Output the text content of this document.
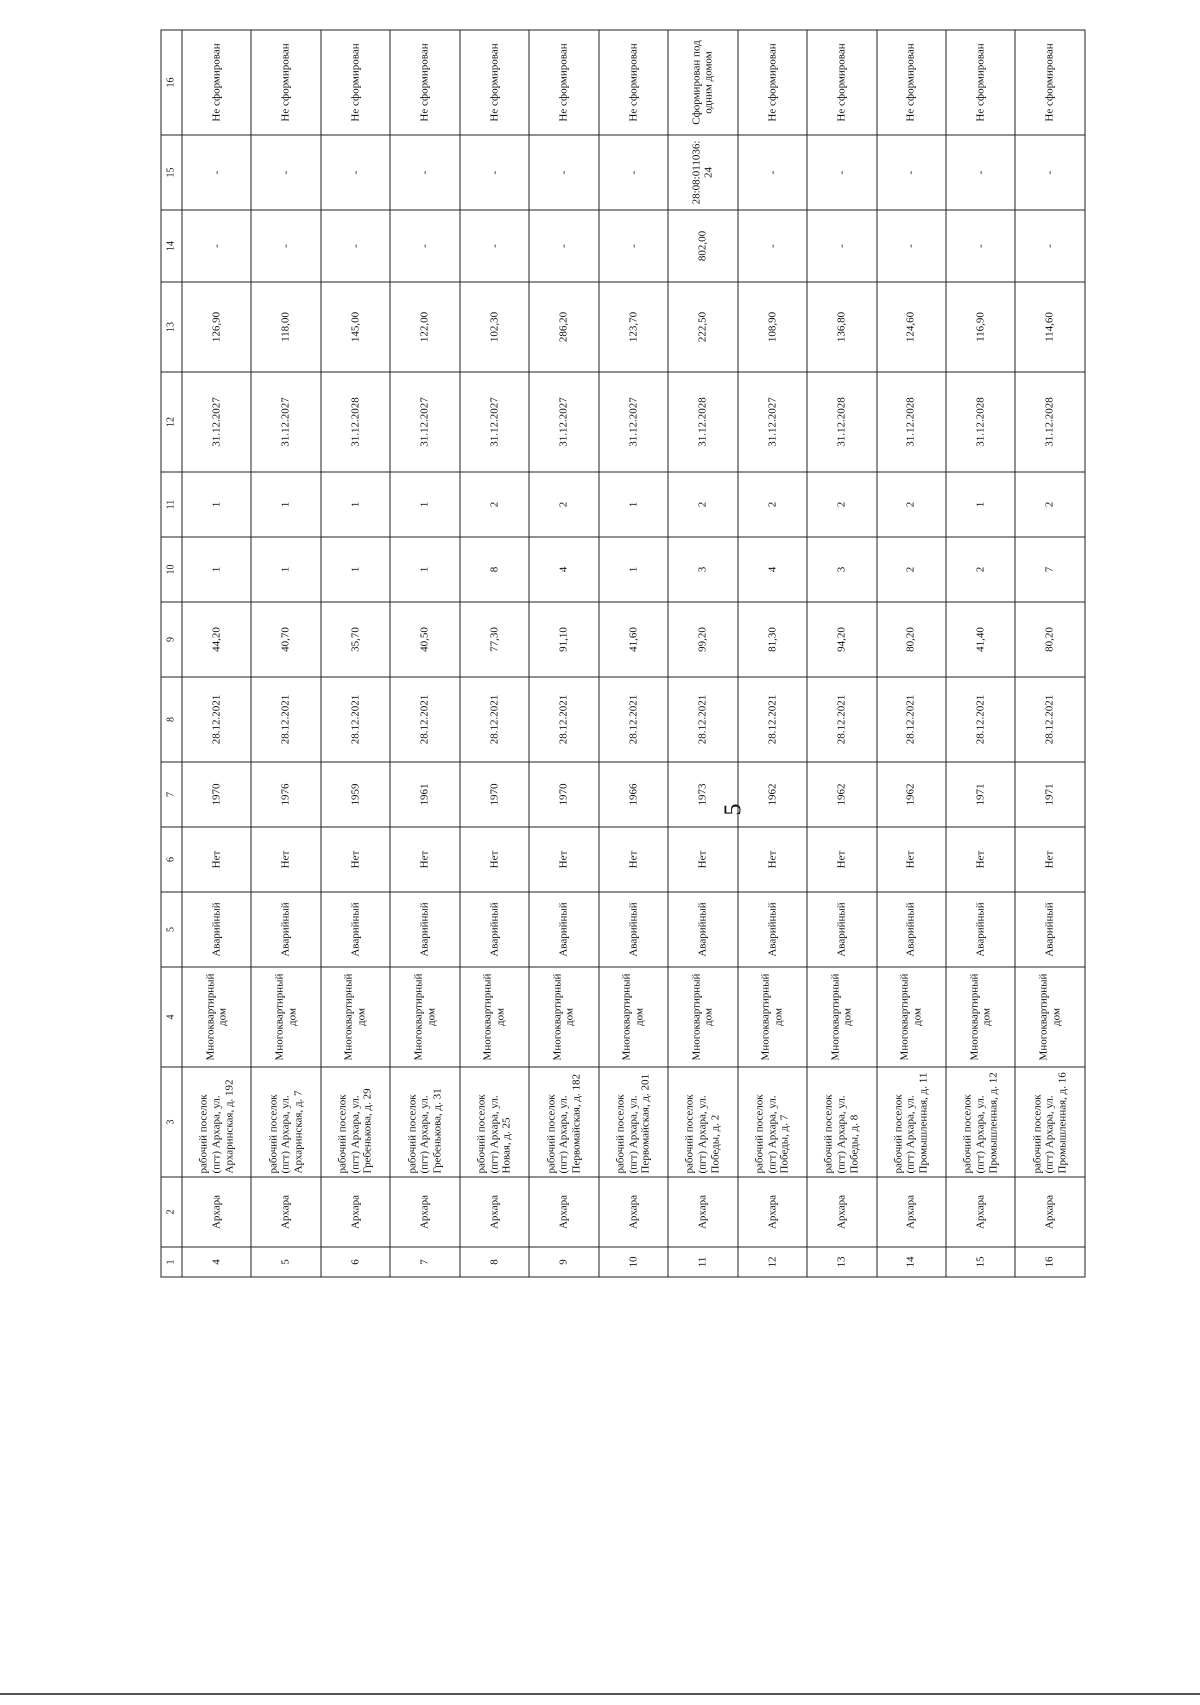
5
1	2	3	4	5	6	7	8	9	10	11	12	13	14	15	16
4	Архара	рабочий поселок (пгт) Архара, ул. Архаринская, д. 192	Многоквартирный дом	Аварийный	Нет	1970	28.12.2021	44,20	1	1	31.12.2027	126,90	-	-	Не сформирован
5	Архара	рабочий поселок (пгт) Архара, ул. Архаринская, д. 7	Многоквартирный дом	Аварийный	Нет	1976	28.12.2021	40,70	1	1	31.12.2027	118,00	-	-	Не сформирован
6	Архара	рабочий поселок (пгт) Архара, ул. Гребенькова, д. 29	Многоквартирный дом	Аварийный	Нет	1959	28.12.2021	35,70	1	1	31.12.2028	145,00	-	-	Не сформирован
7	Архара	рабочий поселок (пгт) Архара, ул. Гребенькова, д. 31	Многоквартирный дом	Аварийный	Нет	1961	28.12.2021	40,50	1	1	31.12.2027	122,00	-	-	Не сформирован
8	Архара	рабочий поселок (пгт) Архара, ул. Новая, д. 25	Многоквартирный дом	Аварийный	Нет	1970	28.12.2021	77,30	8	2	31.12.2027	102,30	-	-	Не сформирован
9	Архара	рабочий поселок (пгт) Архара, ул. Первомайская, д. 182	Многоквартирный дом	Аварийный	Нет	1970	28.12.2021	91,10	4	2	31.12.2027	286,20	-	-	Не сформирован
10	Архара	рабочий поселок (пгт) Архара, ул. Первомайская, д. 201	Многоквартирный дом	Аварийный	Нет	1966	28.12.2021	41,60	1	1	31.12.2027	123,70	-	-	Не сформирован
11	Архара	рабочий поселок (пгт) Архара, ул. Победы, д. 2	Многоквартирный дом	Аварийный	Нет	1973	28.12.2021	99,20	3	2	31.12.2028	222,50	802,00	28:08:011036:24	Сформирован под одним домом
12	Архара	рабочий поселок (пгт) Архара, ул. Победы, д. 7	Многоквартирный дом	Аварийный	Нет	1962	28.12.2021	81,30	4	2	31.12.2027	108,90	-	-	Не сформирован
13	Архара	рабочий поселок (пгт) Архара, ул. Победы, д. 8	Многоквартирный дом	Аварийный	Нет	1962	28.12.2021	94,20	3	2	31.12.2028	136,80	-	-	Не сформирован
14	Архара	рабочий поселок (пгт) Архара, ул. Промышленная, д. 11	Многоквартирный дом	Аварийный	Нет	1962	28.12.2021	80,20	2	2	31.12.2028	124,60	-	-	Не сформирован
15	Архара	рабочий поселок (пгт) Архара, ул. Промышленная, д. 12	Многоквартирный дом	Аварийный	Нет	1971	28.12.2021	41,40	2	1	31.12.2028	116,90	-	-	Не сформирован
16	Архара	рабочий поселок (пгт) Архара, ул. Промышленная, д. 16	Многоквартирный дом	Аварийный	Нет	1971	28.12.2021	80,20	7	2	31.12.2028	114,60	-	-	Не сформирован
